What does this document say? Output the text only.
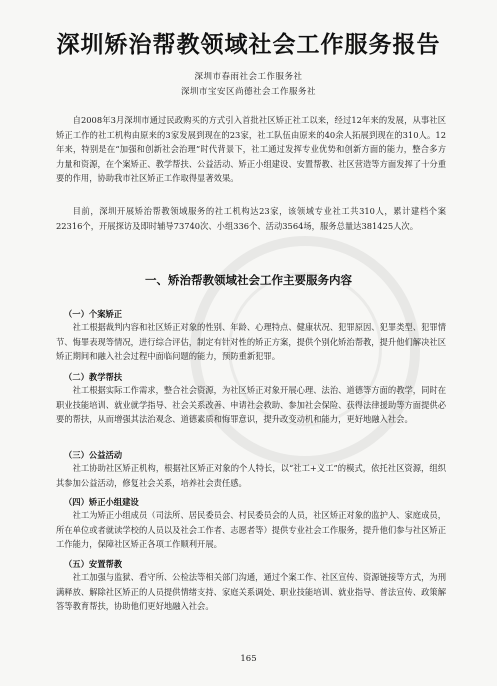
深圳矫治帮教领域社会工作服务报告
深圳市春雨社会工作服务社
深圳市宝安区尚德社会工作服务社
自2008年3月深圳市通过民政购买的方式引入首批社区矫正社工以来，经过12年来的发展，从事社区矫正工作的社工机构由原来的3家发展到现在的23家，社工队伍由原来的40余人拓展到现在的310人。12年来，特别是在“加强和创新社会治理”时代背景下，社工通过发挥专业优势和创新方面的能力，整合多方力量和资源，在个案矫正、教学帮扶、公益活动、矫正小组建设、安置帮教、社区营造等方面发挥了十分重要的作用，协助我市社区矫正工作取得显著效果。
目前，深圳开展矫治帮教领域服务的社工机构达23家，该领域专业社工共310人，累计建档个案22316个，开展探访及即时辅导73740次、小组336个、活动3564场，服务总量达381425人次。
一、矫治帮教领域社会工作主要服务内容
（一）个案矫正
社工根据裁判内容和社区矫正对象的性别、年龄、心理特点、健康状况、犯罪原因、犯罪类型、犯罪情节、悔罪表现等情况，进行综合评估，制定有针对性的矫正方案，提供个别化矫治帮教，提升他们解决社区矫正期间和融入社会过程中面临问题的能力，预防重新犯罪。
（二）教学帮扶
社工根据实际工作需求，整合社会资源，为社区矫正对象开展心理、法治、道德等方面的教学，同时在职业技能培训、就业就学指导、社会关系改善、申请社会救助、参加社会保险、获得法律援助等方面提供必要的帮扶，从而增强其法治观念、道德素质和悔罪意识，提升改变动机和能力，更好地融入社会。
（三）公益活动
社工协助社区矫正机构，根据社区矫正对象的个人特长，以“社工+义工”的模式，依托社区资源，组织其参加公益活动，修复社会关系，培养社会责任感。
（四）矫正小组建设
社工为矫正小组成员（司法所、居民委员会、村民委员会的人员，社区矫正对象的监护人、家庭成员，所在单位或者就读学校的人员以及社会工作者、志愿者等）提供专业社会工作服务，提升他们参与社区矫正工作能力，保障社区矫正各项工作顺利开展。
（五）安置帮教
社工加强与监狱、看守所、公检法等相关部门沟通，通过个案工作、社区宣传、资源链接等方式，为刑满释放、解除社区矫正的人员提供情绪支持、家庭关系调处、职业技能培训、就业指导、普法宣传、政策解答等教育帮扶，协助他们更好地融入社会。
165
